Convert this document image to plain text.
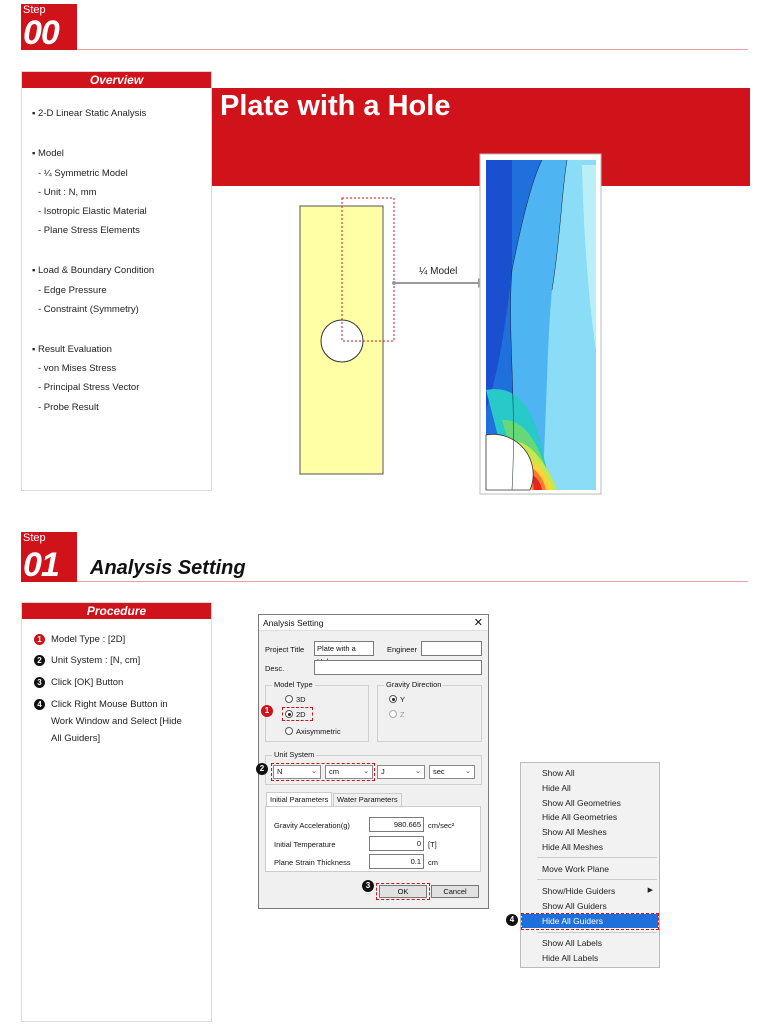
Step
00
Overview
▪ 2-D Linear Static Analysis
▪ Model
- ¼ Symmetric Model
- Unit : N, mm
- Isotropic Elastic Material
- Plane Stress Elements
▪ Load & Boundary Condition
- Edge Pressure
- Constraint (Symmetry)
▪ Result Evaluation
- von Mises Stress
- Principal Stress Vector
- Probe Result
Plate with a Hole
¼ Model
Step
01 Analysis Setting
Procedure
1 Model Type : [2D]
2 Unit System : [N, cm]
3 Click [OK] Button
4 Click Right Mouse Button in Work Window and Select [Hide All Guiders]
Analysis Setting	✕
Project Title	Plate with a	Engineer
Desc.
Model Type
3D
2D
Axisymmetric
Gravity Direction
Y
Z
Unit System
N	⌄	cm	⌄	J	⌄	sec	⌄
Gravity Acceleration(g)	980.665 cm/sec²
Initial Temperature	0 [T]
Plane Strain Thickness	0.1 cm
Initial Parameters	Water Parameters
OK	Cancel
1
2
3
Show All
Hide All
Show All Geometries
Hide All Geometries
Show All Meshes
Hide All Meshes
Move Work Plane
Show/Hide Guiders	▶
Show All Guiders
Hide All Guiders
Show All Labels
Hide All Labels
4
